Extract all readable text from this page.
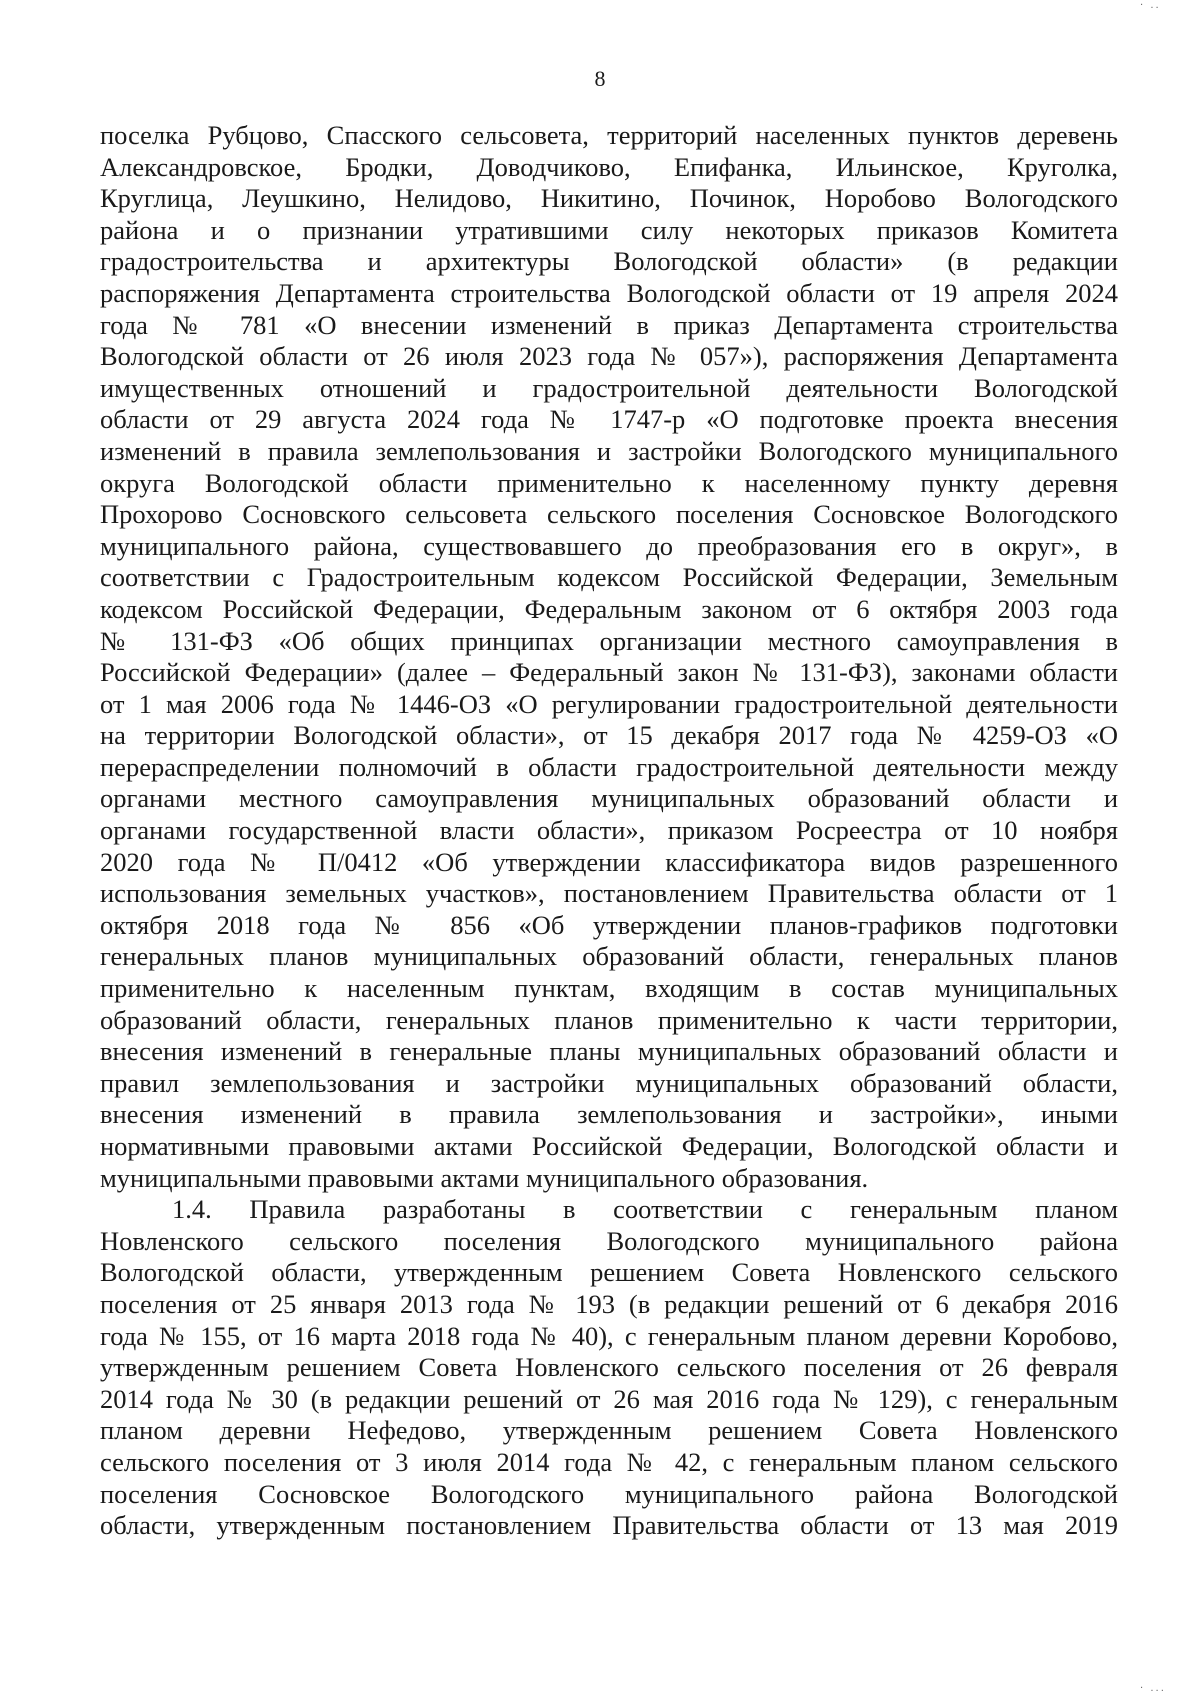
· ..
8
поселка Рубцово, Спасского сельсовета, территорий населенных пунктов деревень
Александровское, Бродки, Доводчиково, Епифанка, Ильинское, Круголка,
Круглица, Леушкино, Нелидово, Никитино, Починок, Норобово Вологодского
района и о признании утратившими силу некоторых приказов Комитета
градостроительства и архитектуры Вологодской области» (в редакции
распоряжения Департамента строительства Вологодской области от 19 апреля 2024
года № 781 «О внесении изменений в приказ Департамента строительства
Вологодской области от 26 июля 2023 года № 057»), распоряжения Департамента
имущественных отношений и градостроительной деятельности Вологодской
области от 29 августа 2024 года № 1747-р «О подготовке проекта внесения
изменений в правила землепользования и застройки Вологодского муниципального
округа Вологодской области применительно к населенному пункту деревня
Прохорово Сосновского сельсовета сельского поселения Сосновское Вологодского
муниципального района, существовавшего до преобразования его в округ», в
соответствии с Градостроительным кодексом Российской Федерации, Земельным
кодексом Российской Федерации, Федеральным законом от 6 октября 2003 года
№ 131-ФЗ «Об общих принципах организации местного самоуправления в
Российской Федерации» (далее – Федеральный закон № 131-ФЗ), законами области
от 1 мая 2006 года № 1446-ОЗ «О регулировании градостроительной деятельности
на территории Вологодской области», от 15 декабря 2017 года № 4259-ОЗ «О
перераспределении полномочий в области градостроительной деятельности между
органами местного самоуправления муниципальных образований области и
органами государственной власти области», приказом Росреестра от 10 ноября
2020 года № П/0412 «Об утверждении классификатора видов разрешенного
использования земельных участков», постановлением Правительства области от 1
октября 2018 года № 856 «Об утверждении планов-графиков подготовки
генеральных планов муниципальных образований области, генеральных планов
применительно к населенным пунктам, входящим в состав муниципальных
образований области, генеральных планов применительно к части территории,
внесения изменений в генеральные планы муниципальных образований области и
правил землепользования и застройки муниципальных образований области,
внесения изменений в правила землепользования и застройки», иными
нормативными правовыми актами Российской Федерации, Вологодской области и
муниципальными правовыми актами муниципального образования.
1.4. Правила разработаны в соответствии с генеральным планом
Новленского сельского поселения Вологодского муниципального района
Вологодской области, утвержденным решением Совета Новленского сельского
поселения от 25 января 2013 года № 193 (в редакции решений от 6 декабря 2016
года № 155, от 16 марта 2018 года № 40), с генеральным планом деревни Коробово,
утвержденным решением Совета Новленского сельского поселения от 26 февраля
2014 года № 30 (в редакции решений от 26 мая 2016 года № 129), с генеральным
планом деревни Нефедово, утвержденным решением Совета Новленского
сельского поселения от 3 июля 2014 года № 42, с генеральным планом сельского
поселения Сосновское Вологодского муниципального района Вологодской
области, утвержденным постановлением Правительства области от 13 мая 2019
· ...
